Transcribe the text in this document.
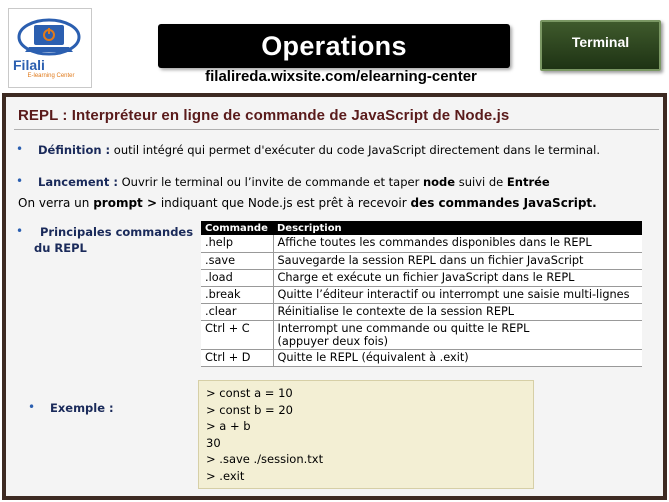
Filali
E-learning Center
Operations
filalireda.wixsite.com/elearning-center
Terminal
REPL : Interpréteur en ligne de commande de JavaScript de Node.js
• Définition : outil intégré qui permet d'exécuter du code JavaScript directement dans le terminal.
• Lancement : Ouvrir le terminal ou l’invite de commande et taper node suivi de Entrée
On verra un prompt > indiquant que Node.js est prêt à recevoir des commandes JavaScript.
• Principales commandes
du REPL
Commande	Description
.help	Affiche toutes les commandes disponibles dans le REPL
.save	Sauvegarde la session REPL dans un fichier JavaScript
.load	Charge et exécute un fichier JavaScript dans le REPL
.break	Quitte l’éditeur interactif ou interrompt une saisie multi-lignes
.clear	Réinitialise le contexte de la session REPL
Ctrl + C	Interrompt une commande ou quitte le REPL
(appuyer deux fois)

Ctrl + D	Quitte le REPL (équivalent à .exit)
• Exemple :
> const a = 10
> const b = 20
> a + b
30
> .save ./session.txt
> .exit
